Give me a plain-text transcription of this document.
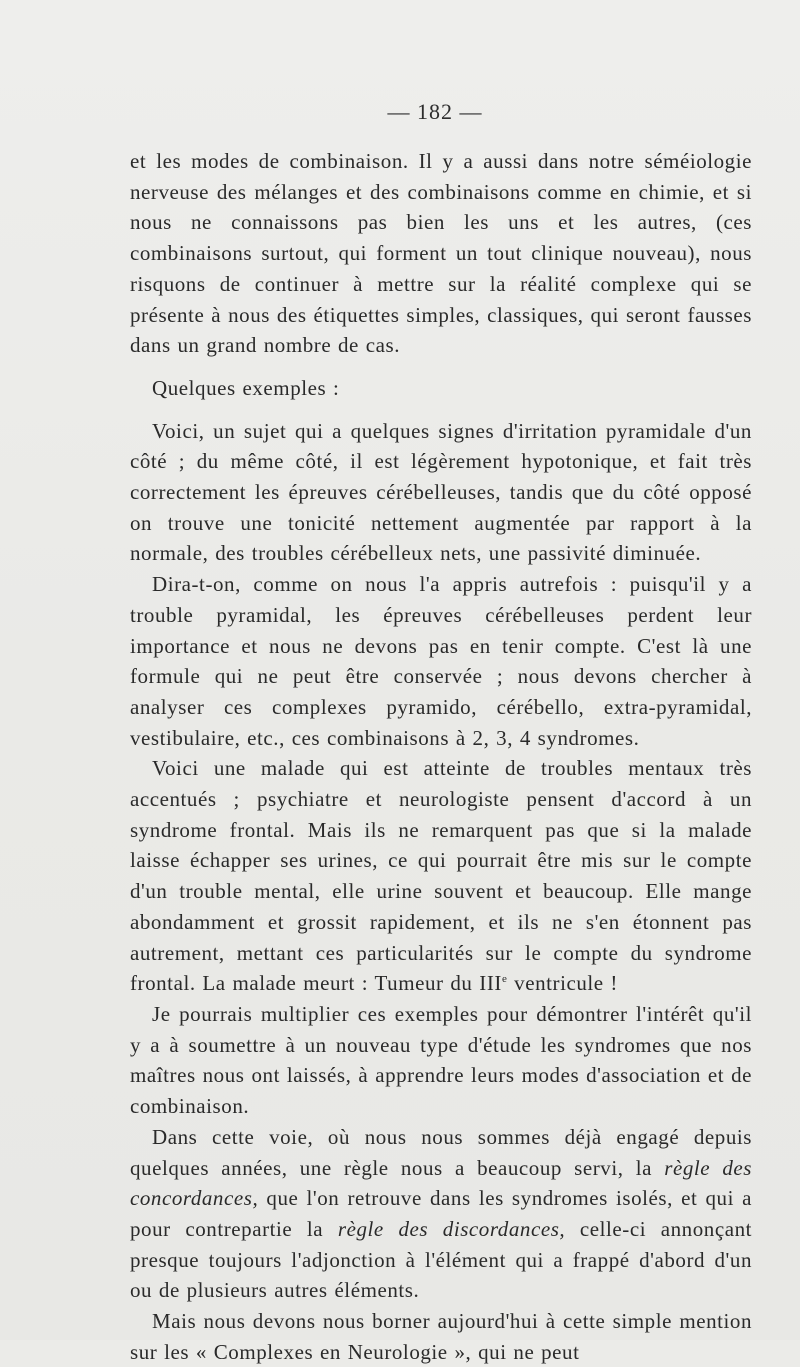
— 182 —

et les modes de combinaison. Il y a aussi dans notre séméiologie nerveuse des mélanges et des combinaisons comme en chimie, et si nous ne connaissons pas bien les uns et les autres, (ces combinaisons surtout, qui forment un tout clinique nouveau), nous risquons de continuer à mettre sur la réalité complexe qui se présente à nous des étiquettes simples, classiques, qui seront fausses dans un grand nombre de cas.

Quelques exemples :

Voici, un sujet qui a quelques signes d'irritation pyramidale d'un côté ; du même côté, il est légèrement hypotonique, et fait très correctement les épreuves cérébelleuses, tandis que du côté opposé on trouve une tonicité nettement augmentée par rapport à la normale, des troubles cérébelleux nets, une passivité diminuée.

Dira-t-on, comme on nous l'a appris autrefois : puisqu'il y a trouble pyramidal, les épreuves cérébelleuses perdent leur importance et nous ne devons pas en tenir compte. C'est là une formule qui ne peut être conservée ; nous devons chercher à analyser ces complexes pyramido, cérébello, extra-pyramidal, vestibulaire, etc., ces combinaisons à 2, 3, 4 syndromes.

Voici une malade qui est atteinte de troubles mentaux très accentués ; psychiatre et neurologiste pensent d'accord à un syndrome frontal. Mais ils ne remarquent pas que si la malade laisse échapper ses urines, ce qui pourrait être mis sur le compte d'un trouble mental, elle urine souvent et beaucoup. Elle mange abondamment et grossit rapidement, et ils ne s'en étonnent pas autrement, mettant ces particularités sur le compte du syndrome frontal. La malade meurt : Tumeur du IIIe ventricule !

Je pourrais multiplier ces exemples pour démontrer l'intérêt qu'il y a à soumettre à un nouveau type d'étude les syndromes que nos maîtres nous ont laissés, à apprendre leurs modes d'association et de combinaison.

Dans cette voie, où nous nous sommes déjà engagé depuis quelques années, une règle nous a beaucoup servi, la règle des concordances, que l'on retrouve dans les syndromes isolés, et qui a pour contrepartie la règle des discordances, celle-ci annonçant presque toujours l'adjonction à l'élément qui a frappé d'abord d'un ou de plusieurs autres éléments.

Mais nous devons nous borner aujourd'hui à cette simple mention sur les « Complexes en Neurologie », qui ne peut
